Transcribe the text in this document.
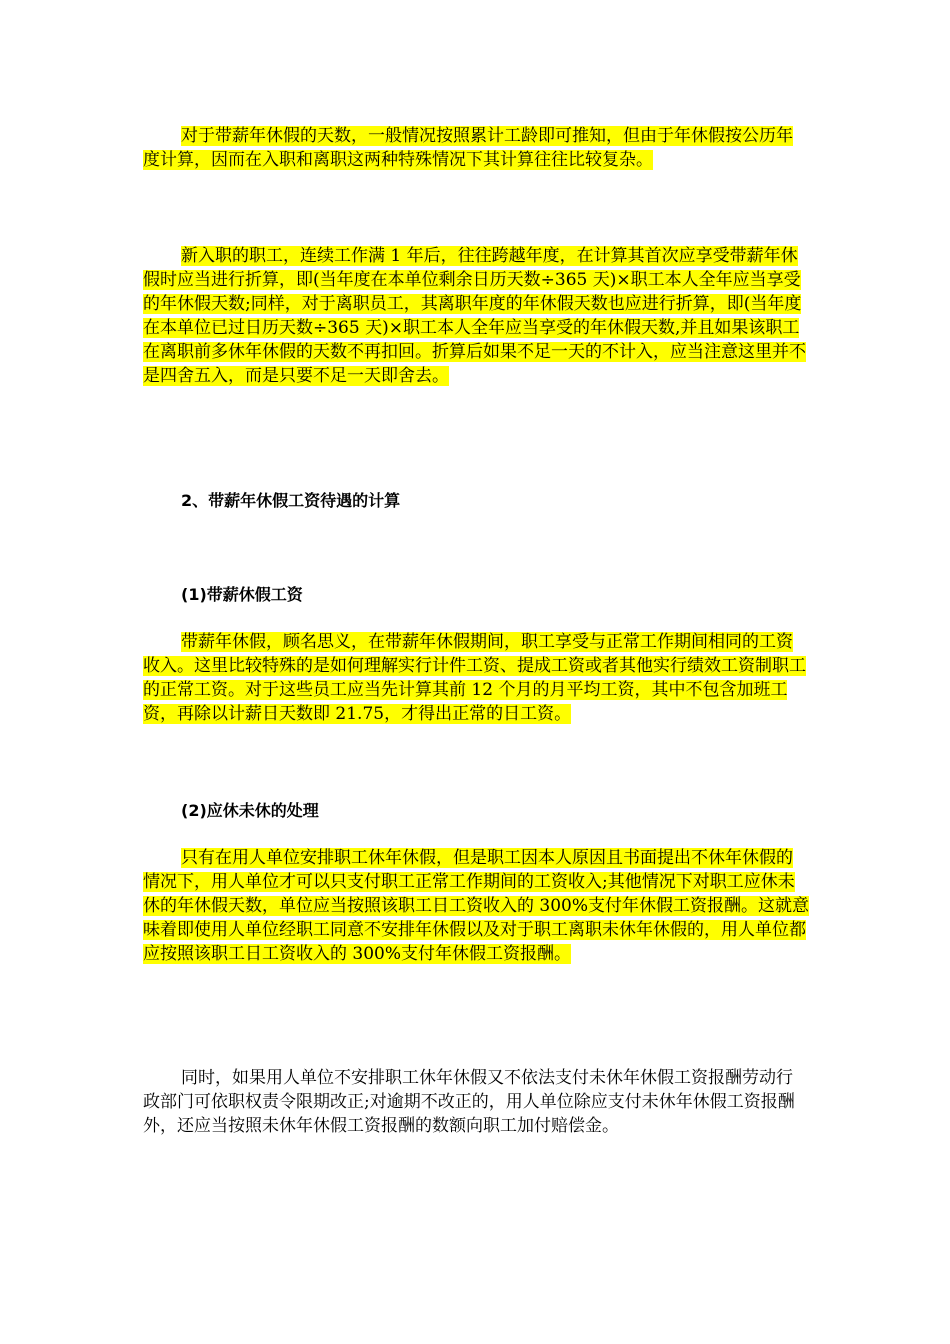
对于带薪年休假的天数，一般情况按照累计工龄即可推知，但由于年休假按公历年度计算，因而在入职和离职这两种特殊情况下其计算往往比较复杂。

新入职的职工，连续工作满 1 年后，往往跨越年度，在计算其首次应享受带薪年休假时应当进行折算，即(当年度在本单位剩余日历天数÷365 天)×职工本人全年应当享受的年休假天数;同样，对于离职员工，其离职年度的年休假天数也应进行折算，即(当年度在本单位已过日历天数÷365 天)×职工本人全年应当享受的年休假天数,并且如果该职工在离职前多休年休假的天数不再扣回。折算后如果不足一天的不计入，应当注意这里并不是四舍五入，而是只要不足一天即舍去。

2、带薪年休假工资待遇的计算
(1)带薪休假工资

带薪年休假，顾名思义，在带薪年休假期间，职工享受与正常工作期间相同的工资收入。这里比较特殊的是如何理解实行计件工资、提成工资或者其他实行绩效工资制职工的正常工资。对于这些员工应当先计算其前 12 个月的月平均工资，其中不包含加班工资，再除以计薪日天数即 21.75，才得出正常的日工资。

(2)应休未休的处理

只有在用人单位安排职工休年休假，但是职工因本人原因且书面提出不休年休假的情况下，用人单位才可以只支付职工正常工作期间的工资收入;其他情况下对职工应休未休的年休假天数，单位应当按照该职工日工资收入的 300%支付年休假工资报酬。这就意味着即使用人单位经职工同意不安排年休假以及对于职工离职未休年休假的，用人单位都应按照该职工日工资收入的 300%支付年休假工资报酬。

同时，如果用人单位不安排职工休年休假又不依法支付未休年休假工资报酬劳动行政部门可依职权责令限期改正;对逾期不改正的，用人单位除应支付未休年休假工资报酬外，还应当按照未休年休假工资报酬的数额向职工加付赔偿金。
